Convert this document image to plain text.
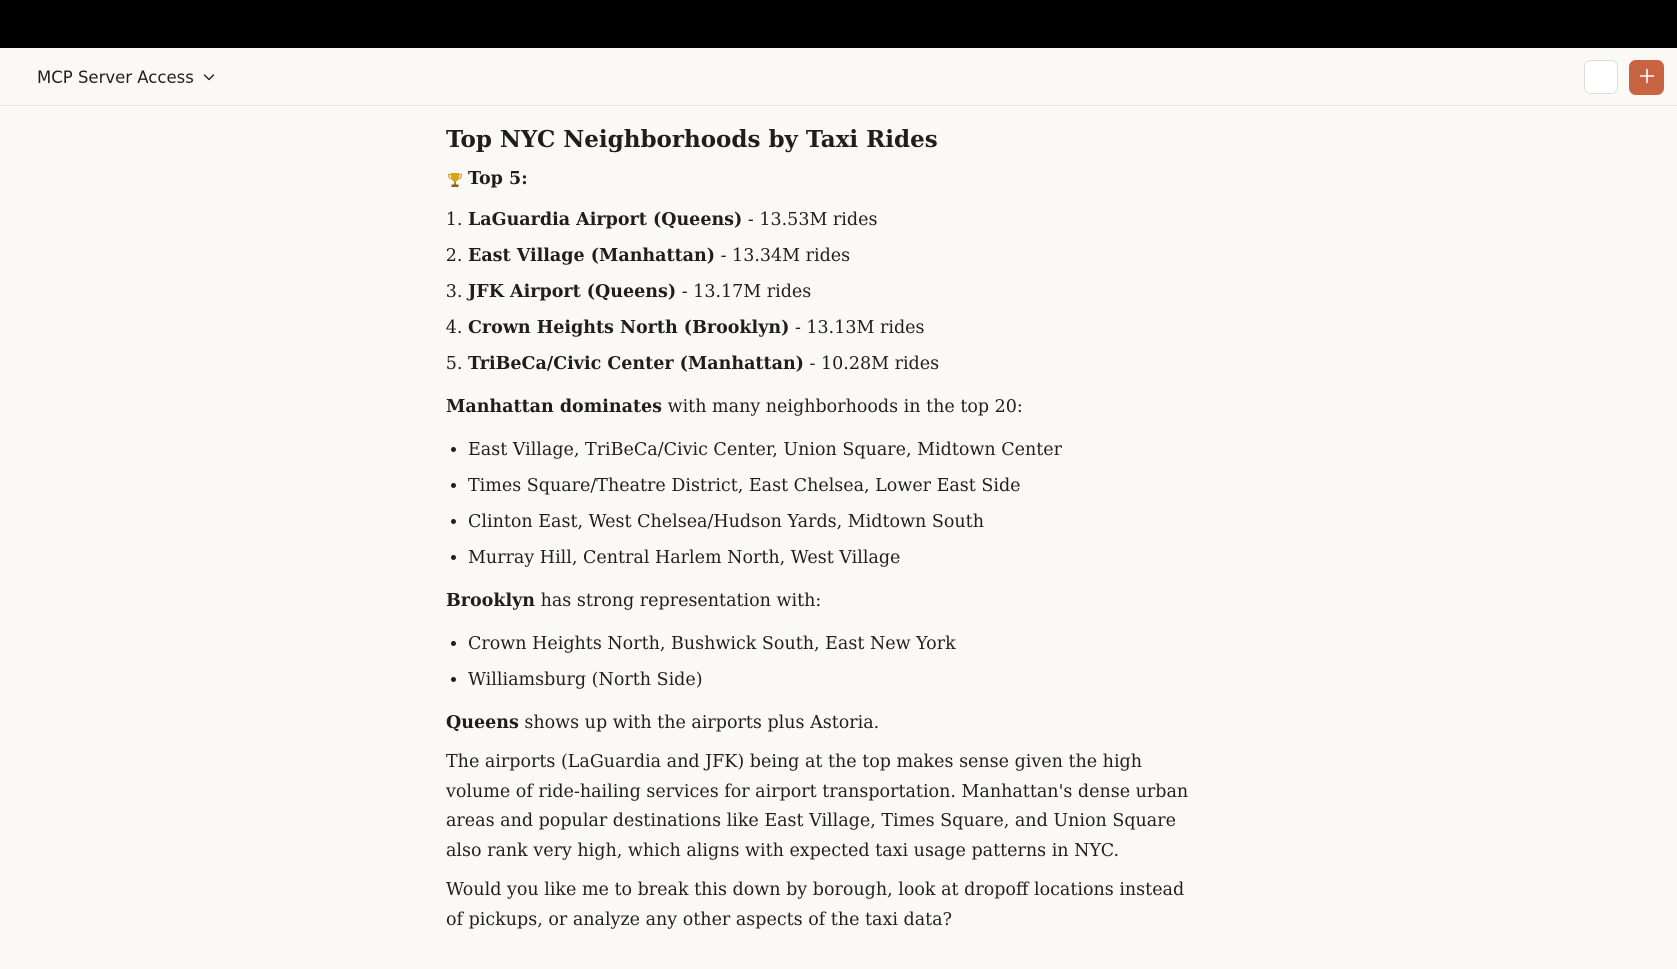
MCP Server Access
Top NYC Neighborhoods by Taxi Rides
Top 5:
1. LaGuardia Airport (Queens) - 13.53M rides
2. East Village (Manhattan) - 13.34M rides
3. JFK Airport (Queens) - 13.17M rides
4. Crown Heights North (Brooklyn) - 13.13M rides
5. TriBeCa/Civic Center (Manhattan) - 10.28M rides

Manhattan dominates with many neighborhoods in the top 20:

• East Village, TriBeCa/Civic Center, Union Square, Midtown Center
• Times Square/Theatre District, East Chelsea, Lower East Side
• Clinton East, West Chelsea/Hudson Yards, Midtown South
• Murray Hill, Central Harlem North, West Village

Brooklyn has strong representation with:

• Crown Heights North, Bushwick South, East New York
• Williamsburg (North Side)

Queens shows up with the airports plus Astoria.

The airports (LaGuardia and JFK) being at the top makes sense given the high volume of ride-hailing services for airport transportation. Manhattan's dense urban areas and popular destinations like East Village, Times Square, and Union Square also rank very high, which aligns with expected taxi usage patterns in NYC.

Would you like me to break this down by borough, look at dropoff locations instead of pickups, or analyze any other aspects of the taxi data?
